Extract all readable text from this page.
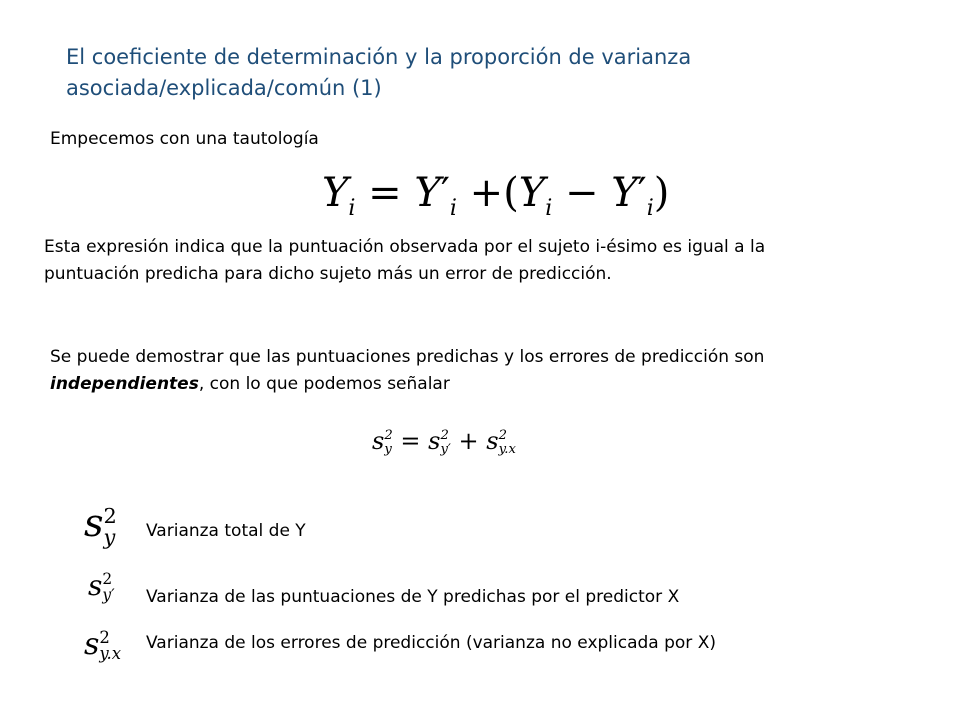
El coeficiente de determinación y la proporción de varianza
asociada/explicada/común (1)

Empecemos con una tautología

$Y_i = Y'_i +(Y_i - Y'_i)$

Esta expresión indica que la puntuación observada por el sujeto i-ésimo es igual a la
puntuación predicha para dicho sujeto más un error de predicción.

Se puede demostrar que las puntuaciones predichas y los errores de predicción son
independientes, con lo que podemos señalar

s 2
y = s 2
y′ + s 2
y.x
s 2
y Varianza total de Y

s 2
y′ Varianza de las puntuaciones de Y predichas por el predictor X

s 2
y.x

Varianza de los errores de predicción (varianza no explicada por X)
